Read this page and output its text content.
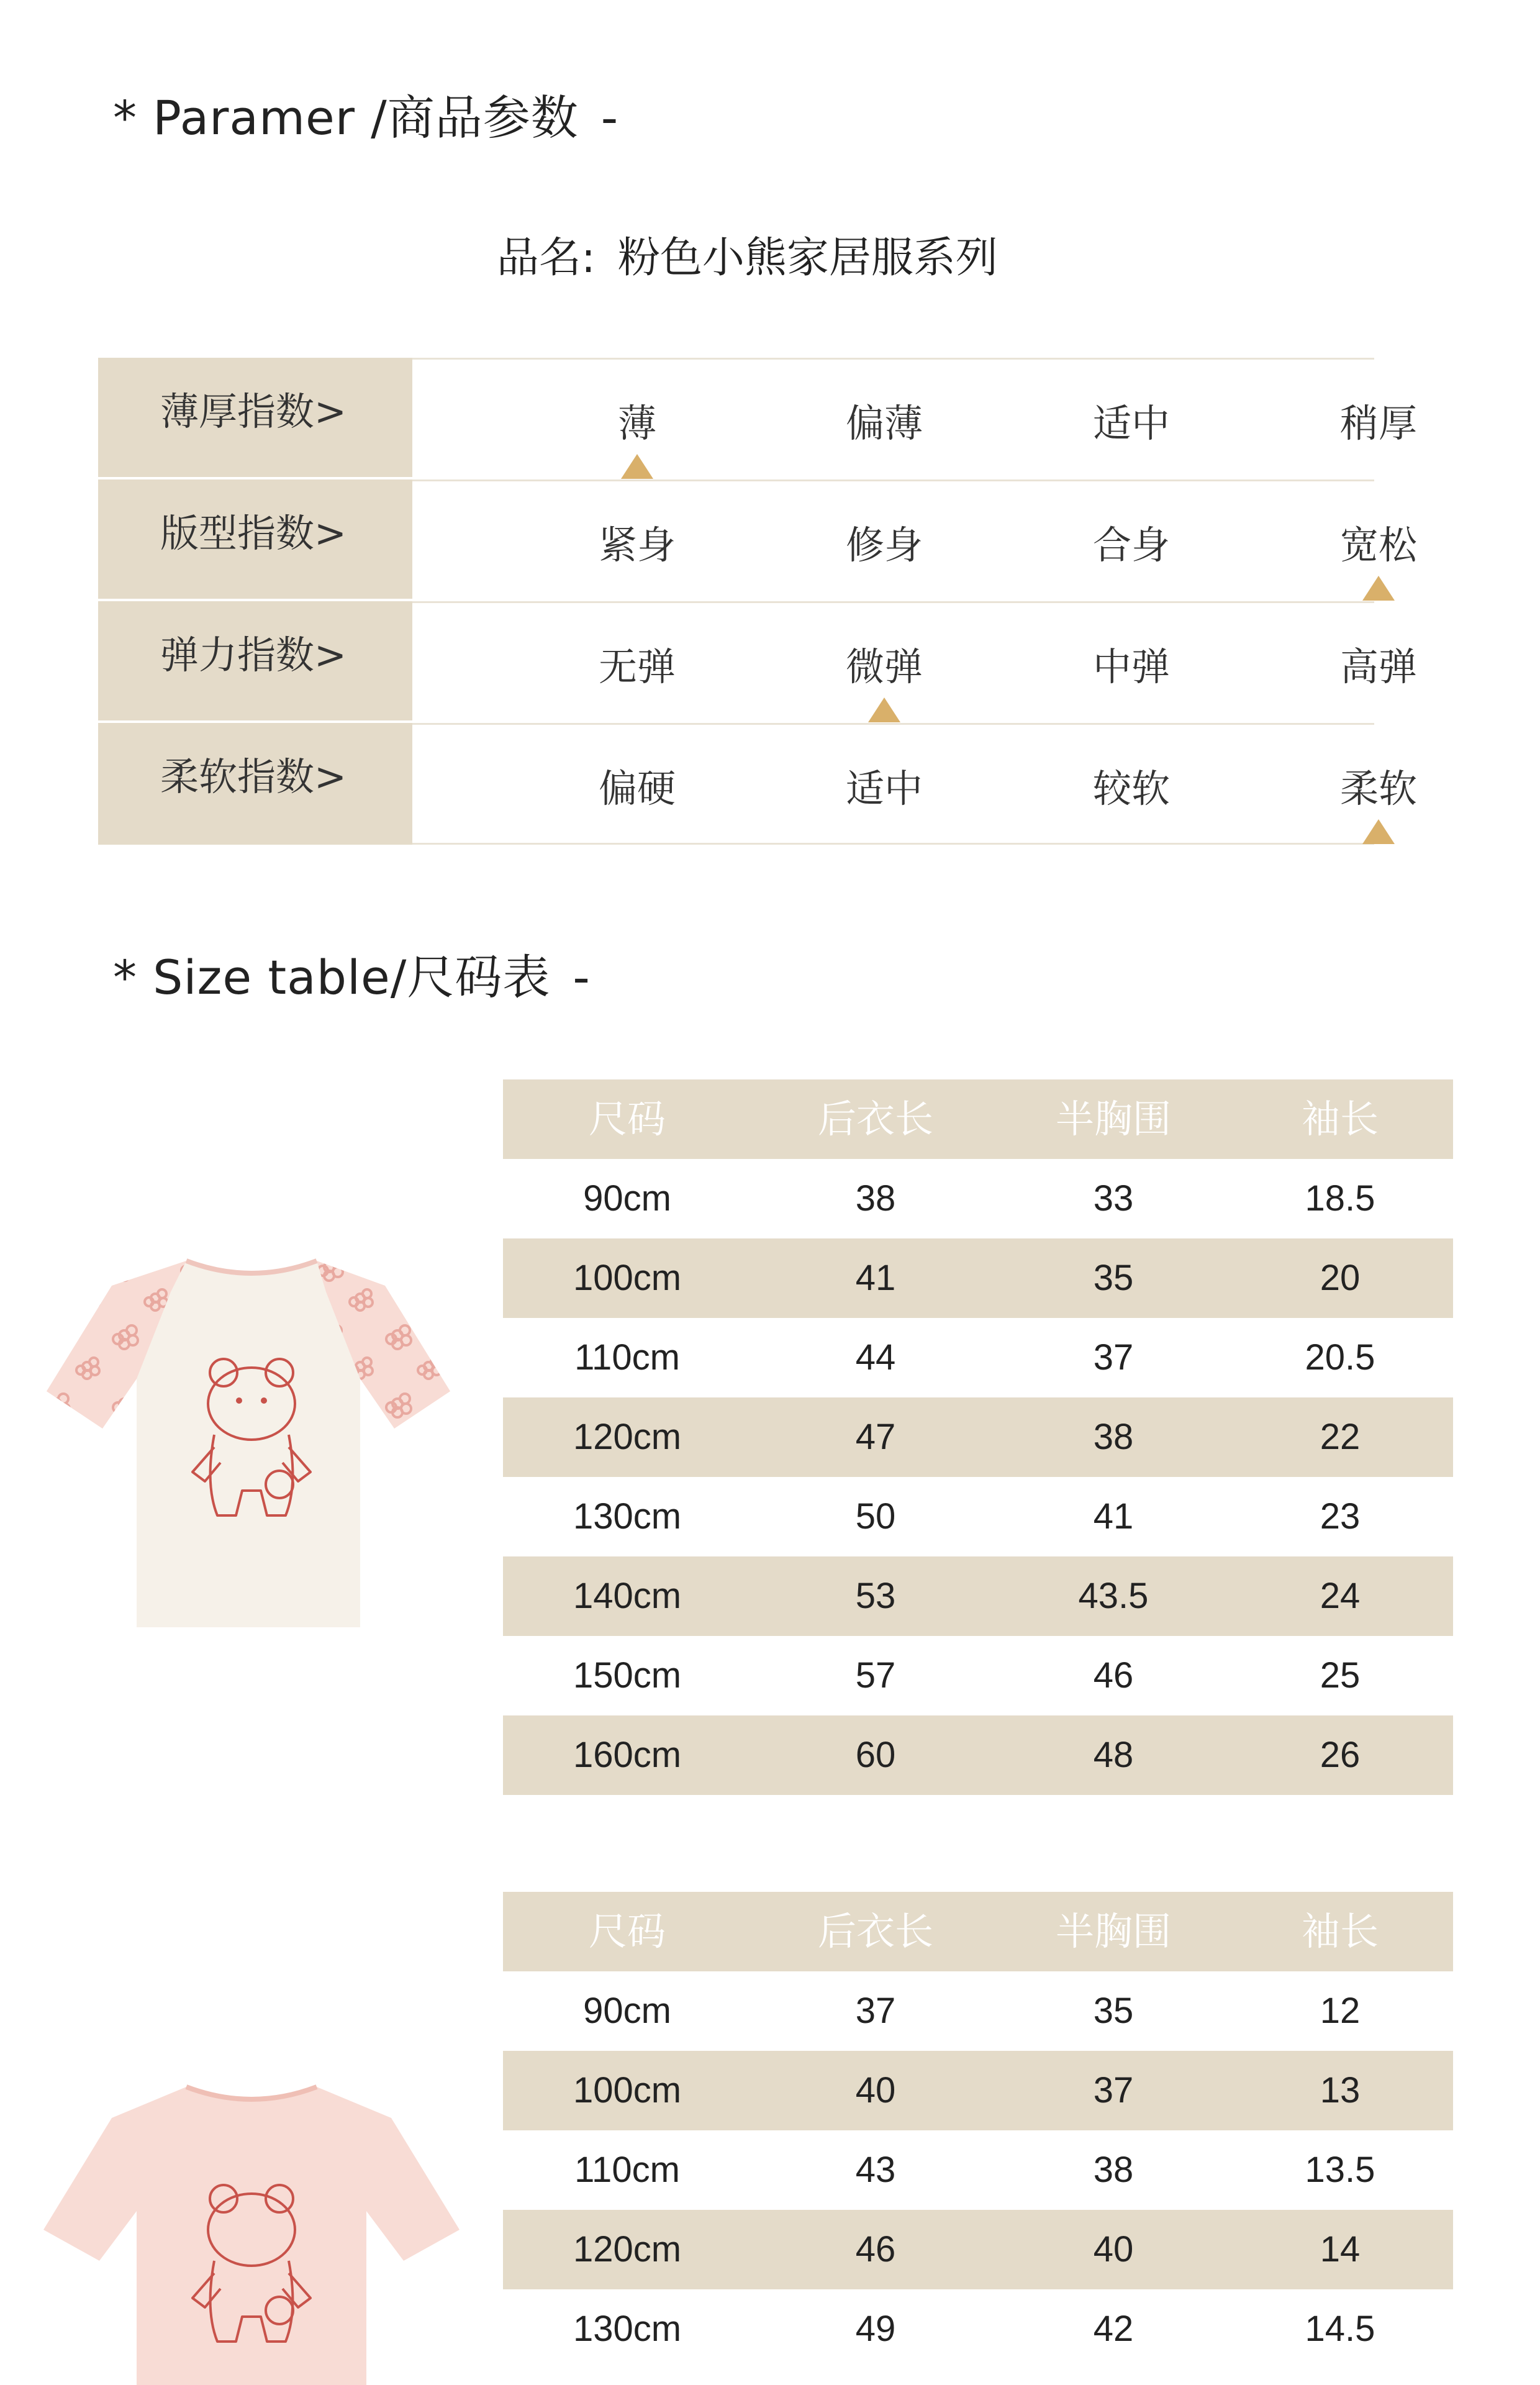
* Paramer /商品参数 -
品名: 粉色小熊家居服系列
薄厚指数>	薄	偏薄	适中	稍厚
版型指数>	紧身	修身	合身	宽松
弹力指数>	无弹	微弹	中弹	高弹
柔软指数>	偏硬	适中	较软	柔软
* Size table/尺码表 -
尺码	后衣长	半胸围	袖长
90cm	38	33	18.5
100cm	41	35	20
110cm	44	37	20.5
120cm	47	38	22
130cm	50	41	23
140cm	53	43.5	24
150cm	57	46	25
160cm	60	48	26
尺码	后衣长	半胸围	袖长
90cm	37	35	12
100cm	40	37	13
110cm	43	38	13.5
120cm	46	40	14
130cm	49	42	14.5
